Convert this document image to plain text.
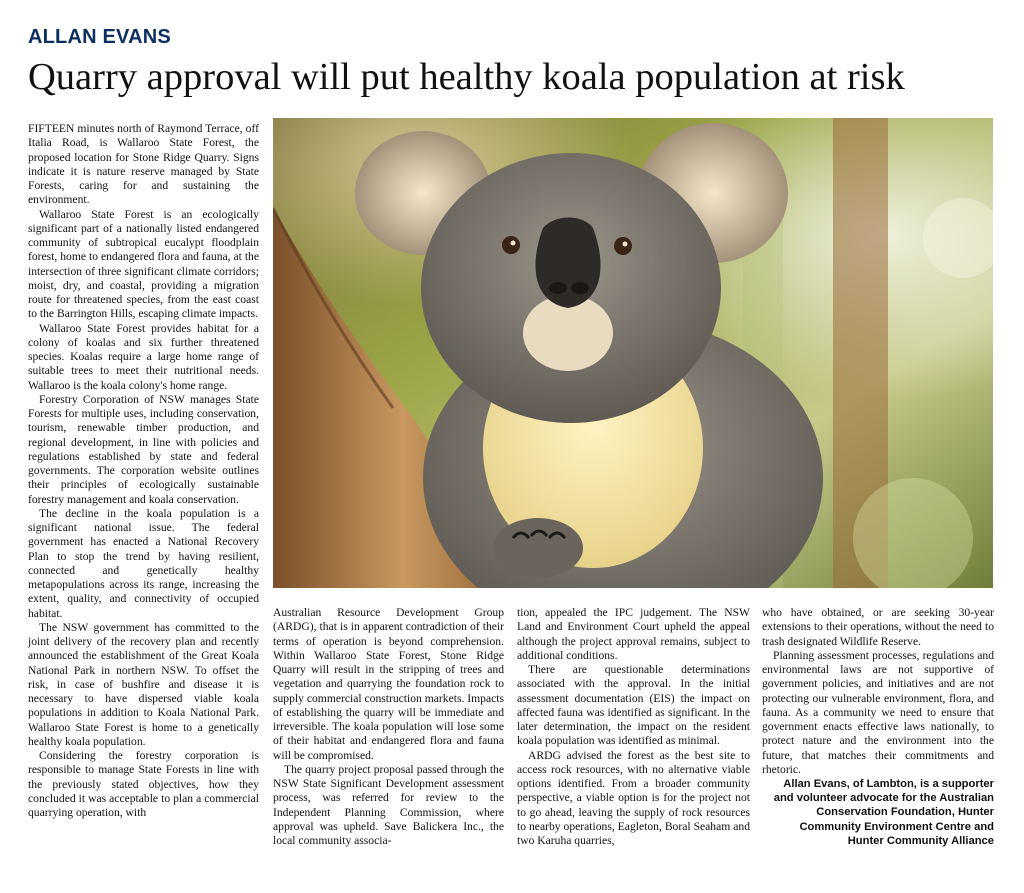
ALLAN EVANS
Quarry approval will put healthy koala population at risk

FIFTEEN minutes north of Raymond Terrace, off Italia Road, is Wallaroo State Forest, the proposed location for Stone Ridge Quarry. Signs indicate it is nature reserve managed by State Forests, caring for and sustaining the environment.

Wallaroo State Forest is an ecologically significant part of a nationally listed endangered community of subtropical eucalypt floodplain forest, home to endangered flora and fauna, at the intersection of three significant climate corridors; moist, dry, and coastal, providing a migration route for threatened species, from the east coast to the Barrington Hills, escaping climate impacts.

Wallaroo State Forest provides habitat for a colony of koalas and six further threatened species. Koalas require a large home range of suitable trees to meet their nutritional needs. Wallaroo is the koala colony's home range.

Forestry Corporation of NSW manages State Forests for multiple uses, including conservation, tourism, renewable timber production, and regional development, in line with policies and regulations established by state and federal governments. The corporation website outlines their principles of ecologically sustainable forestry management and koala conservation.

The decline in the koala population is a significant national issue. The federal government has enacted a National Recovery Plan to stop the trend by having resilient, connected and genetically healthy metapopulations across its range, increasing the extent, quality, and connectivity of occupied habitat.

The NSW government has committed to the joint delivery of the recovery plan and recently announced the establishment of the Great Koala National Park in northern NSW. To offset the risk, in case of bushfire and disease it is necessary to have dispersed viable koala populations in addition to Koala National Park. Wallaroo State Forest is home to a genetically healthy koala population.

Considering the forestry corporation is responsible to manage State Forests in line with the previously stated objectives, how they concluded it was acceptable to plan a commercial quarrying operation, with

Australian Resource Development Group (ARDG), that is in apparent contradiction of their terms of operation is beyond comprehension. Within Wallaroo State Forest, Stone Ridge Quarry will result in the stripping of trees and vegetation and quarrying the foundation rock to supply commercial construction markets. Impacts of establishing the quarry will be immediate and irreversible. The koala population will lose some of their habitat and endangered flora and fauna will be compromised.

The quarry project proposal passed through the NSW State Significant Development assessment process, was referred for review to the Independent Planning Commission, where approval was upheld. Save Balickera Inc., the local community associa-

tion, appealed the IPC judgement. The NSW Land and Environment Court upheld the appeal although the project approval remains, subject to additional conditions.

There are questionable determinations associated with the approval. In the initial assessment documentation (EIS) the impact on affected fauna was identified as significant. In the later determination, the impact on the resident koala population was identified as minimal.

ARDG advised the forest as the best site to access rock resources, with no alternative viable options identified. From a broader community perspective, a viable option is for the project not to go ahead, leaving the supply of rock resources to nearby operations, Eagleton, Boral Seaham and two Karuha quarries,

who have obtained, or are seeking 30-year extensions to their operations, without the need to trash designated Wildlife Reserve.

Planning assessment processes, regulations and environmental laws are not supportive of government policies, and initiatives and are not protecting our vulnerable environment, flora, and fauna. As a community we need to ensure that government enacts effective laws nationally, to protect nature and the environment into the future, that matches their commitments and rhetoric.

Allan Evans, of Lambton, is a supporter and volunteer advocate for the Australian Conservation Foundation, Hunter Community Environment Centre and Hunter Community Alliance
